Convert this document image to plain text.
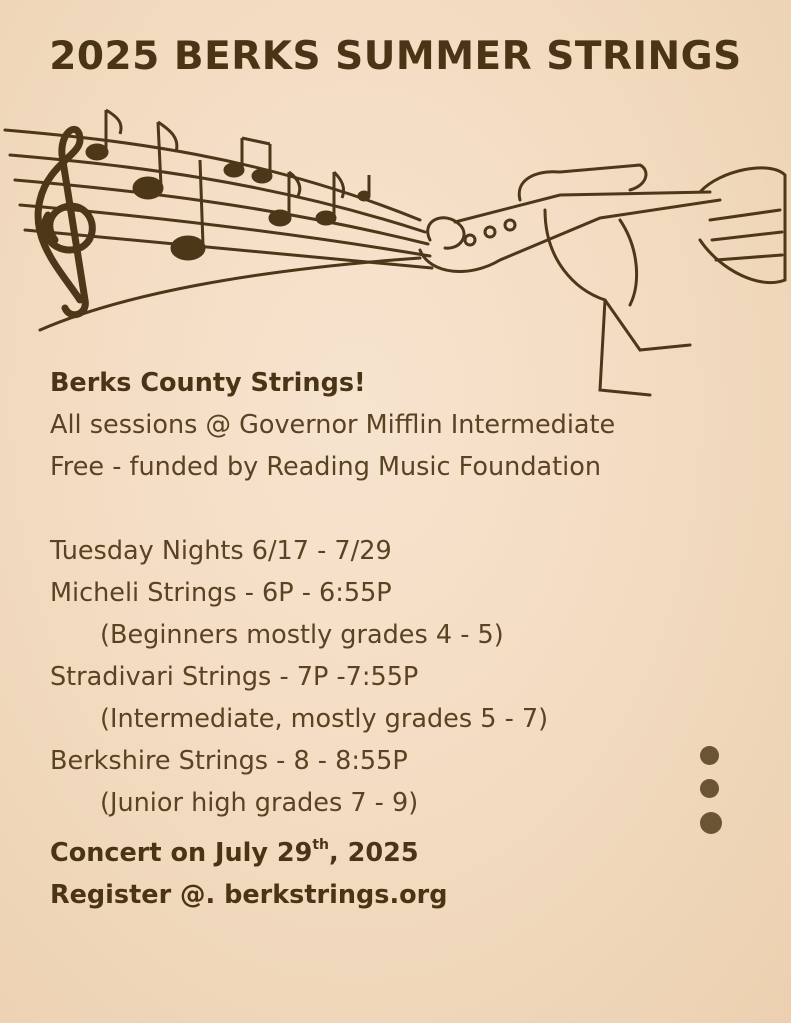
2025 BERKS SUMMER STRINGS
Berks County Strings!
All sessions @ Governor Mifflin Intermediate
Free - funded by Reading Music Foundation
Tuesday Nights 6/17 - 7/29
Micheli Strings - 6P - 6:55P
(Beginners mostly grades 4 - 5)
Stradivari Strings - 7P -7:55P
(Intermediate, mostly grades 5 - 7)
Berkshire Strings - 8 - 8:55P
(Junior high grades 7 - 9)
Concert on July 29th, 2025
Register @. berkstrings.org
